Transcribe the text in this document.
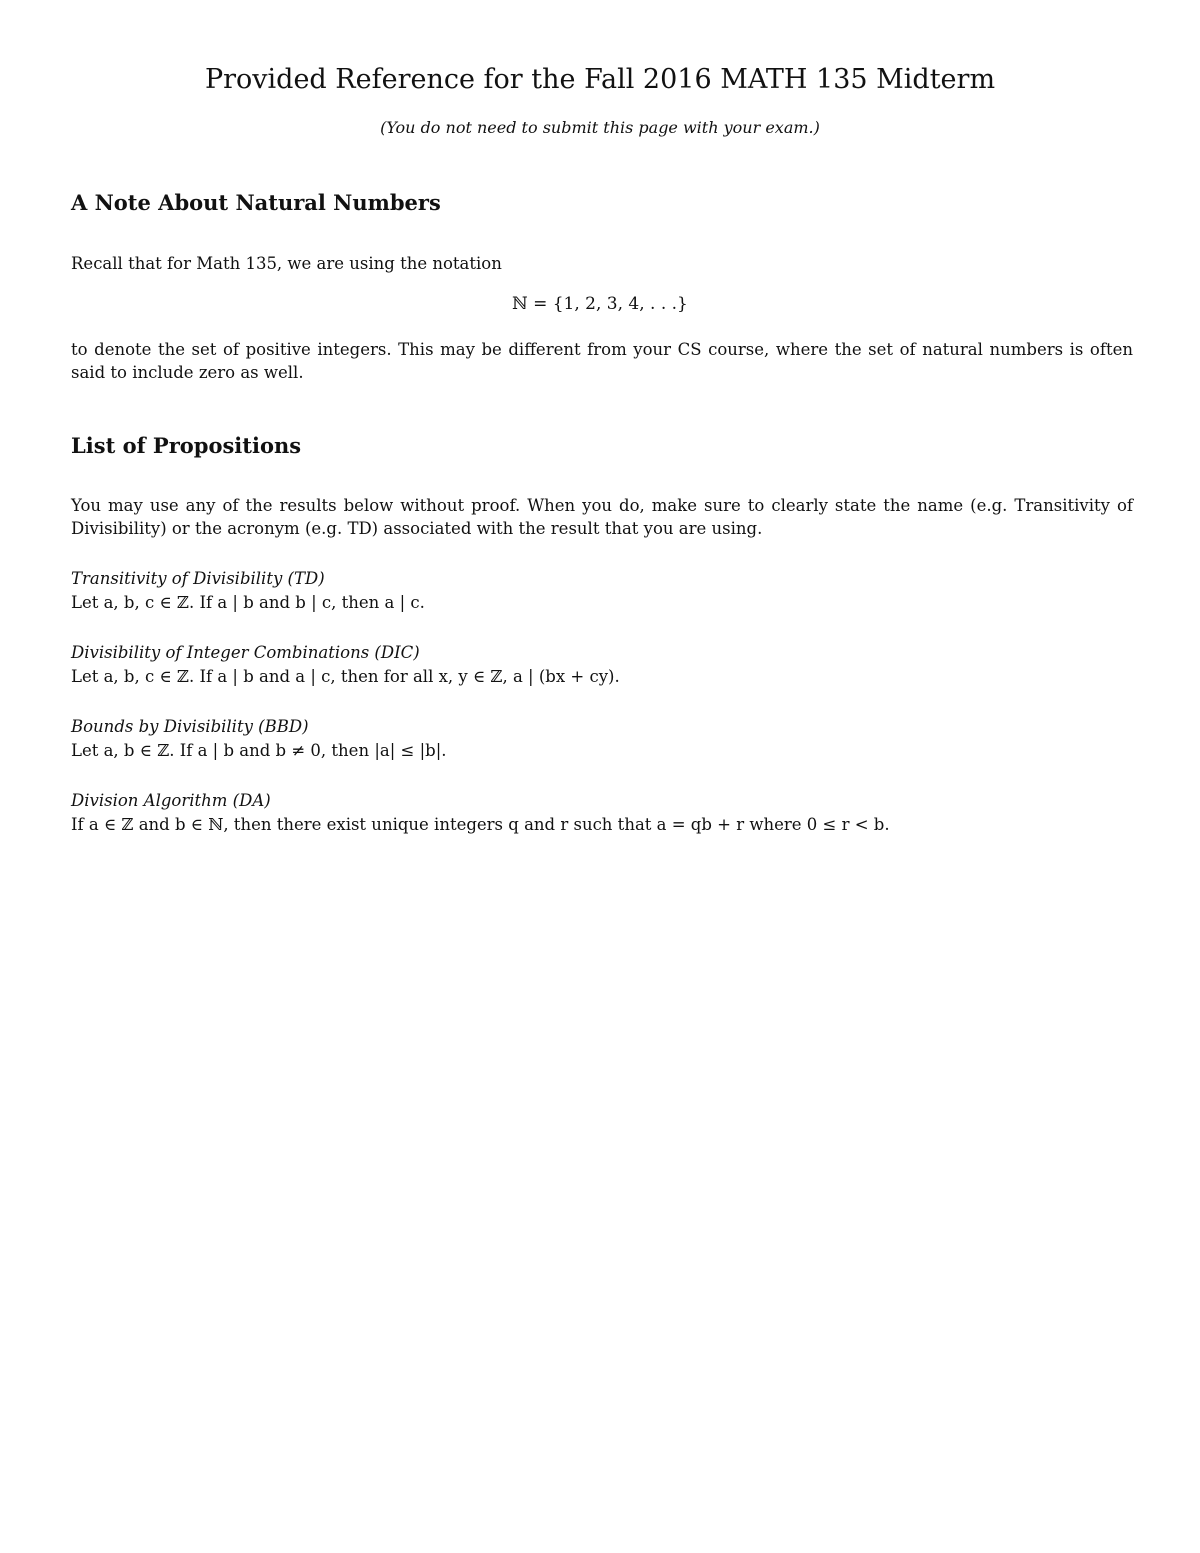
Provided Reference for the Fall 2016 MATH 135 Midterm

(You do not need to submit this page with your exam.)

A Note About Natural Numbers

Recall that for Math 135, we are using the notation

ℕ = {1, 2, 3, 4, . . .}

to denote the set of positive integers. This may be different from your CS course, where the set of natural numbers is often said to include zero as well.

List of Propositions

You may use any of the results below without proof. When you do, make sure to clearly state the name (e.g. Transitivity of Divisibility) or the acronym (e.g. TD) associated with the result that you are using.

Transitivity of Divisibility (TD)
Let a, b, c ∈ ℤ. If a | b and b | c, then a | c.
Divisibility of Integer Combinations (DIC)
Let a, b, c ∈ ℤ. If a | b and a | c, then for all x, y ∈ ℤ, a | (bx + cy).
Bounds by Divisibility (BBD)
Let a, b ∈ ℤ. If a | b and b ≠ 0, then |a| ≤ |b|.
Division Algorithm (DA)
If a ∈ ℤ and b ∈ ℕ, then there exist unique integers q and r such that a = qb + r where 0 ≤ r < b.
